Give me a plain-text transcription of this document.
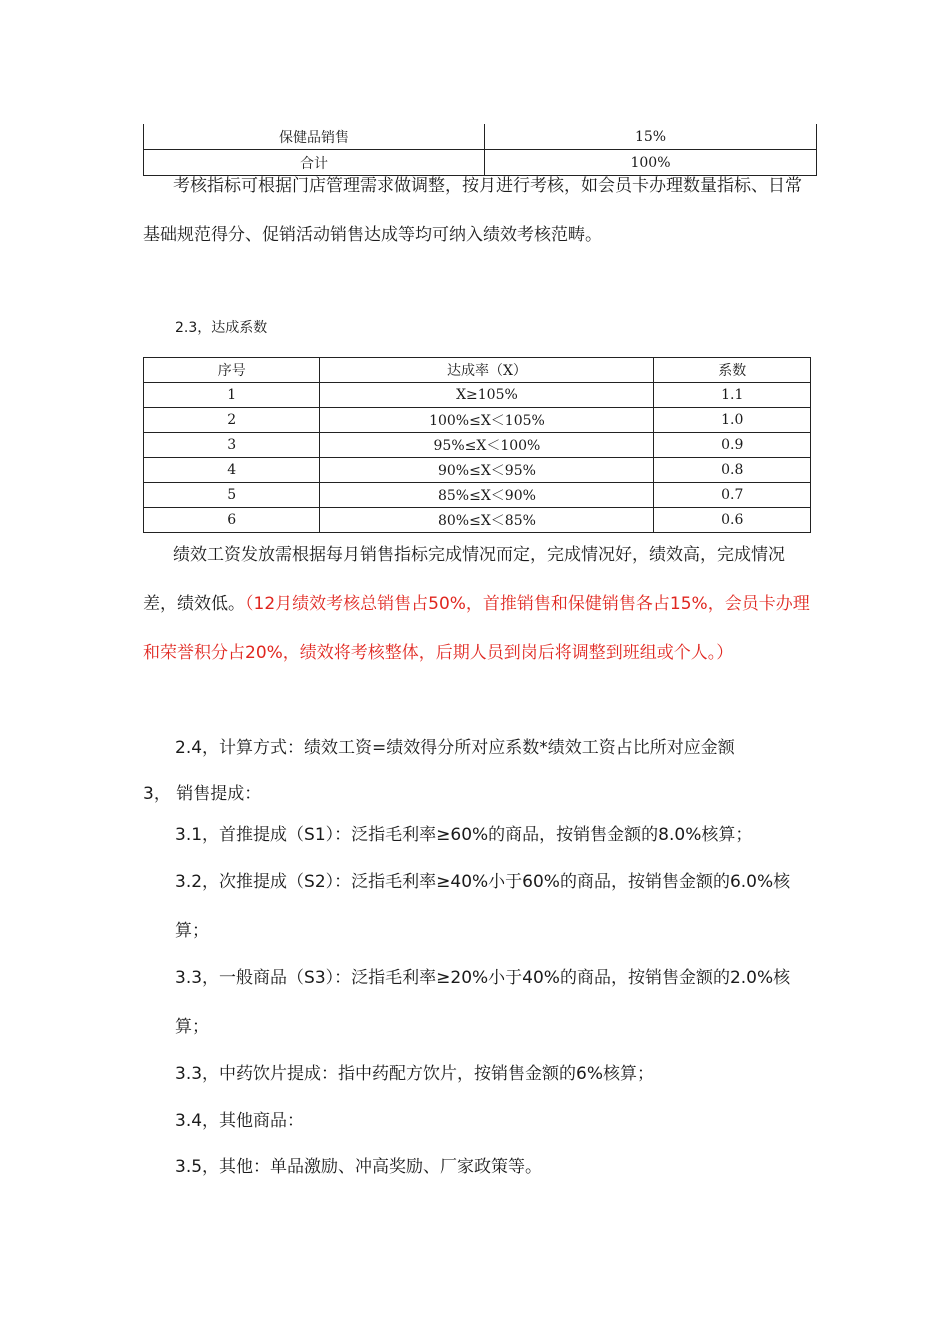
保健品销售	15%
合计	100%

考核指标可根据门店管理需求做调整，按月进行考核，如会员卡办理数量指标、日常基础规范得分、促销活动销售达成等均可纳入绩效考核范畴。

2.3，达成系数

序号	达成率（X）	系数
1	X≥105%	1.1
2	100%≤X＜105%	1.0
3	95%≤X＜100%	0.9
4	90%≤X＜95%	0.8
5	85%≤X＜90%	0.7
6	80%≤X＜85%	0.6

绩效工资发放需根据每月销售指标完成情况而定，完成情况好，绩效高，完成情况差，绩效低。（12月绩效考核总销售占50%，首推销售和保健销售各占15%，会员卡办理和荣誉积分占20%，绩效将考核整体，后期人员到岗后将调整到班组或个人。）

2.4，计算方式：绩效工资=绩效得分所对应系数*绩效工资占比所对应金额

3， 销售提成：

3.1，首推提成（S1）：泛指毛利率≥60%的商品，按销售金额的8.0%核算；

3.2，次推提成（S2）：泛指毛利率≥40%小于60%的商品，按销售金额的6.0%核算；

3.3，一般商品（S3）：泛指毛利率≥20%小于40%的商品，按销售金额的2.0%核算；

3.3，中药饮片提成：指中药配方饮片，按销售金额的6%核算；

3.4，其他商品：

3.5，其他：单品激励、冲高奖励、厂家政策等。
